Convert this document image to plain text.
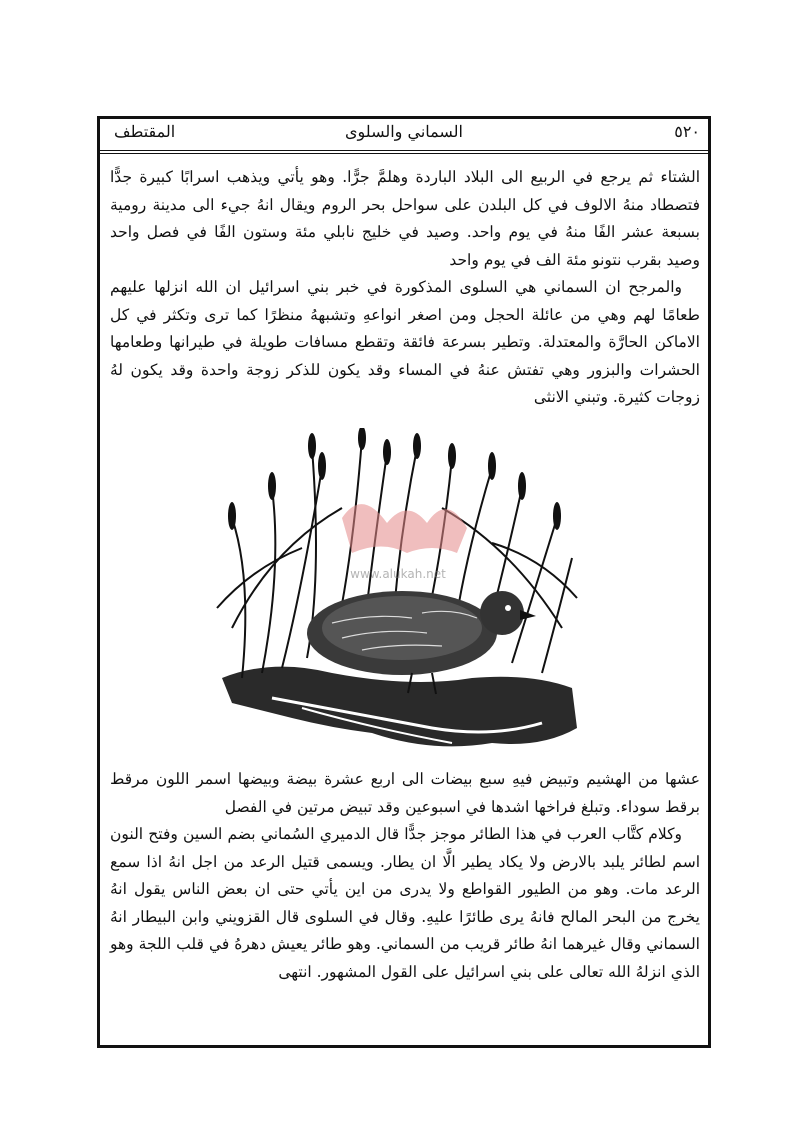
٥٢٠
السماني والسلوى
المقتطف

الشتاء ثم يرجع في الربيع الى البلاد الباردة وهلمَّ جرًّا. وهو يأتي ويذهب اسرابًا كبيرة جدًّا فتصطاد منهُ الالوف في كل البلدن على سواحل بحر الروم ويقال انهُ جيء الى مدينة رومية بسبعة عشر الفًا منهُ في يوم واحد. وصيد في خليج نابلي مئة وستون الفًا في فصل واحد وصيد بقرب نتونو مئة الف في يوم واحد

والمرجح ان السماني هي السلوى المذكورة في خبر بني اسرائيل ان الله انزلها عليهم طعامًا لهم وهي من عائلة الحجل ومن اصغر انواعهِ وتشبههُ منظرًا كما ترى وتكثر في كل الاماكن الحارَّة والمعتدلة. وتطير بسرعة فائقة وتقطع مسافات طويلة في طيرانها وطعامها الحشرات والبزور وهي تفتش عنهُ في المساء وقد يكون للذكر زوجة واحدة وقد يكون لهُ زوجات كثيرة. وتبني الانثى

www.alukah.net

عشها من الهشيم وتبيض فيهِ سبع بيضات الى اربع عشرة بيضة وبيضها اسمر اللون مرقط برقط سوداء. وتبلغ فراخها اشدها في اسبوعين وقد تبيض مرتين في الفصل

وكلام كتَّاب العرب في هذا الطائر موجز جدًّا قال الدميري السُماني بضم السين وفتح النون اسم لطائر يلبد بالارض ولا يكاد يطير الَّا ان يطار. ويسمى قتيل الرعد من اجل انهُ اذا سمع الرعد مات. وهو من الطيور القواطع ولا يدرى من اين يأتي حتى ان بعض الناس يقول انهُ يخرج من البحر المالح فانهُ يرى طائرًا عليهِ. وقال في السلوى قال القزويني وابن البيطار انهُ السماني وقال غيرهما انهُ طائر قريب من السماني. وهو طائر يعيش دهرهُ في قلب اللجة وهو الذي انزلهُ الله تعالى على بني اسرائيل على القول المشهور. انتهى
